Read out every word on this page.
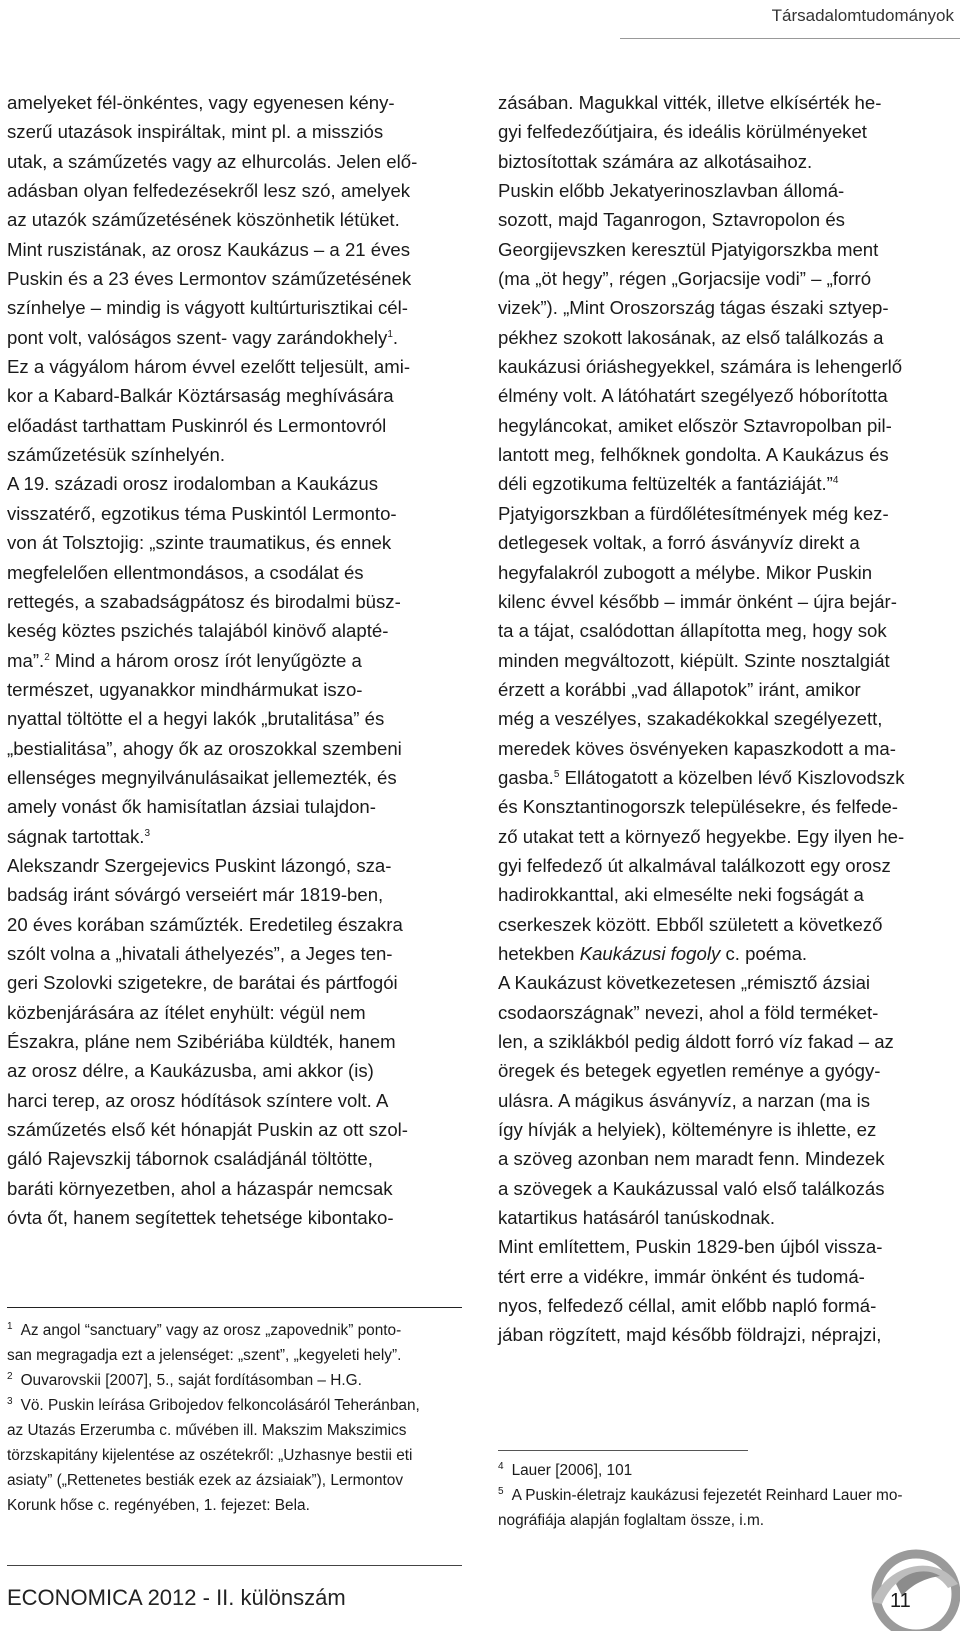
Társadalomtudományok

amelyeket fél-önkéntes, vagy egyenesen kény-
szerű utazások inspiráltak, mint pl. a missziós
utak, a száműzetés vagy az elhurcolás. Jelen elő-
adásban olyan felfedezésekről lesz szó, amelyek
az utazók száműzetésének köszönhetik létüket.
Mint ruszistának, az orosz Kaukázus – a 21 éves
Puskin és a 23 éves Lermontov száműzetésének
színhelye – mindig is vágyott kultúrturisztikai cél-
pont volt, valóságos szent- vagy zarándokhely$^1$.
Ez a vágyálom három évvel ezelőtt teljesült, ami-
kor a Kabard-Balkár Köztársaság meghívására
előadást tarthattam Puskinról és Lermontovról
száműzetésük színhelyén.
A 19. századi orosz irodalomban a Kaukázus
visszatérő, egzotikus téma Puskintól Lermonto-
von át Tolsztojig: „szinte traumatikus, és ennek
megfelelően ellentmondásos, a csodálat és
rettegés, a szabadságpátosz és birodalmi büsz-
keség köztes pszichés talajából kinövő alapté-
ma”.$^2$ Mind a három orosz írót lenyűgözte a
természet, ugyanakkor mindhármukat iszo-
nyattal töltötte el a hegyi lakók „brutalitása” és
„bestialitása”, ahogy ők az oroszokkal szembeni
ellenséges megnyilvánulásaikat jellemezték, és
amely vonást ők hamisítatlan ázsiai tulajdon-
ságnak tartottak.$^3$
Alekszandr Szergejevics Puskint lázongó, sza-
badság iránt sóvárgó verseiért már 1819-ben,
20 éves korában száműzték. Eredetileg északra
szólt volna a „hivatali áthelyezés”, a Jeges ten-
geri Szolovki szigetekre, de barátai és pártfogói
közbenjárására az ítélet enyhült: végül nem
Északra, pláne nem Szibériába küldték, hanem
az orosz délre, a Kaukázusba, ami akkor (is)
harci terep, az orosz hódítások színtere volt. A
száműzetés első két hónapját Puskin az ott szol-
gáló Rajevszkij tábornok családjánál töltötte,
baráti környezetben, ahol a házaspár nemcsak
óvta őt, hanem segítettek tehetsége kibontako-

zásában. Magukkal vitték, illetve elkísérték he-
gyi felfedezőútjaira, és ideális körülményeket
biztosítottak számára az alkotásaihoz.
Puskin előbb Jekatyerinoszlavban állomá-
sozott, majd Taganrogon, Sztavropolon és
Georgijevszken keresztül Pjatyigorszkba ment
(ma „öt hegy”, régen „Gorjacsije vodi” – „forró
vizek”). „Mint Oroszország tágas északi sztyep-
pékhez szokott lakosának, az első találkozás a
kaukázusi óriáshegyekkel, számára is lehengerlő
élmény volt. A látóhatárt szegélyező hóborította
hegyláncokat, amiket először Sztavropolban pil-
lantott meg, felhőknek gondolta. A Kaukázus és
déli egzotikuma feltüzelték a fantáziáját.”$^4$
Pjatyigorszkban a fürdőlétesítmények még kez-
detlegesek voltak, a forró ásványvíz direkt a
hegyfalakról zubogott a mélybe. Mikor Puskin
kilenc évvel később – immár önként – újra bejár-
ta a tájat, csalódottan állapította meg, hogy sok
minden megváltozott, kiépült. Szinte nosztalgiát
érzett a korábbi „vad állapotok” iránt, amikor
még a veszélyes, szakadékokkal szegélyezett,
meredek köves ösvényeken kapaszkodott a ma-
gasba.$^5$ Ellátogatott a közelben lévő Kiszlovodszk
és Konsztantinogorszk településekre, és felfede-
ző utakat tett a környező hegyekbe. Egy ilyen he-
gyi felfedező út alkalmával találkozott egy orosz
hadirokkanttal, aki elmesélte neki fogságát a
cserkeszek között. Ebből született a következő
hetekben Kaukázusi fogoly c. poéma.
A Kaukázust következetesen „rémisztő ázsiai
csodaországnak” nevezi, ahol a föld terméket-
len, a sziklákból pedig áldott forró víz fakad – az
öregek és betegek egyetlen reménye a gyógy-
ulásra. A mágikus ásványvíz, a narzan (ma is
így hívják a helyiek), költeményre is ihlette, ez
a szöveg azonban nem maradt fenn. Mindezek
a szövegek a Kaukázussal való első találkozás
katartikus hatásáról tanúskodnak.
Mint említettem, Puskin 1829-ben újból vissza-
tért erre a vidékre, immár önként és tudomá-
nyos, felfedező céllal, amit előbb napló formá-
jában rögzített, majd később földrajzi, néprajzi,

$^1$ Az angol “sanctuary” vagy az orosz „zapovednik” ponto-
san megragadja ezt a jelenséget: „szent”, „kegyeleti hely”.
$^2$ Ouvarovskii [2007], 5., saját fordításomban – H.G.
$^3$ Vö. Puskin leírása Gribojedov felkoncolásáról Teheránban,
az Utazás Erzerumba c. művében ill. Makszim Makszimics
törzskapitány kijelentése az oszétekről: „Uzhasnye bestii eti
asiaty” („Rettenetes bestiák ezek az ázsiaiak”), Lermontov
Korunk hőse c. regényében, 1. fejezet: Bela.
$^4$ Lauer [2006], 101
$^5$ A Puskin-életrajz kaukázusi fejezetét Reinhard Lauer mo-
nográfiája alapján foglaltam össze, i.m.
ECONOMICA 2012 - II. különszám	11
